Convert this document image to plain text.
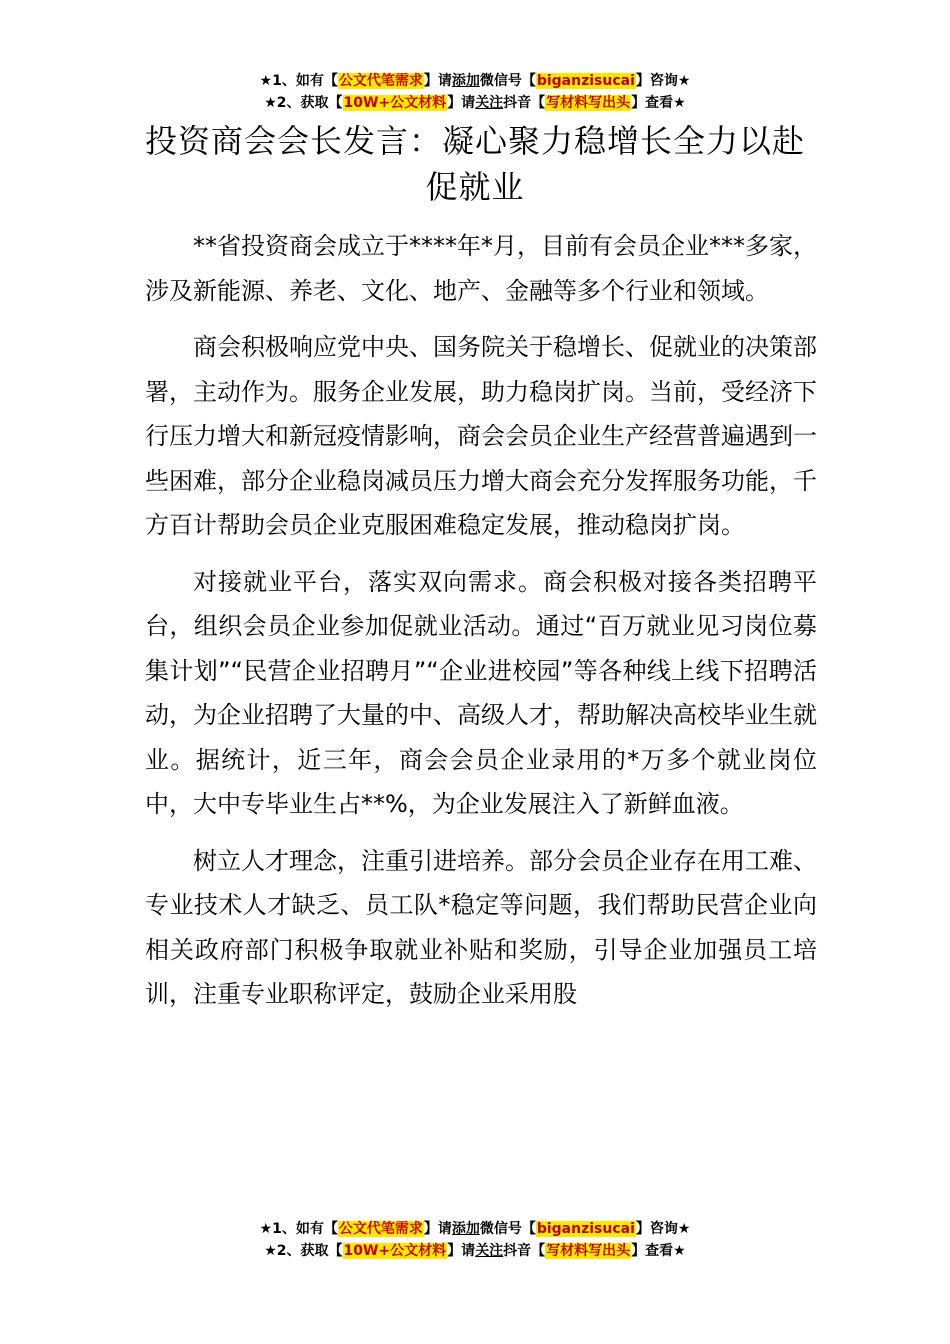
★1、如有【公文代笔需求】请添加微信号【biganzisucai】咨询★
★2、获取【10W+公文材料】请关注抖音【写材料写出头】查看★
投资商会会长发言：凝心聚力稳增长全力以赴促就业

**省投资商会成立于****年*月，目前有会员企业***多家，涉及新能源、养老、文化、地产、金融等多个行业和领域。

商会积极响应党中央、国务院关于稳增长、促就业的决策部署，主动作为。服务企业发展，助力稳岗扩岗。当前，受经济下行压力增大和新冠疫情影响，商会会员企业生产经营普遍遇到一些困难，部分企业稳岗减员压力增大商会充分发挥服务功能，千方百计帮助会员企业克服困难稳定发展，推动稳岗扩岗。

对接就业平台，落实双向需求。商会积极对接各类招聘平台，组织会员企业参加促就业活动。通过“百万就业见习岗位募集计划”“民营企业招聘月”“企业进校园”等各种线上线下招聘活动，为企业招聘了大量的中、高级人才，帮助解决高校毕业生就业。据统计，近三年，商会会员企业录用的*万多个就业岗位中，大中专毕业生占**%，为企业发展注入了新鲜血液。

树立人才理念，注重引进培养。部分会员企业存在用工难、专业技术人才缺乏、员工队*稳定等问题，我们帮助民营企业向相关政府部门积极争取就业补贴和奖励，引导企业加强员工培训，注重专业职称评定，鼓励企业采用股

★1、如有【公文代笔需求】请添加微信号【biganzisucai】咨询★
★2、获取【10W+公文材料】请关注抖音【写材料写出头】查看★
